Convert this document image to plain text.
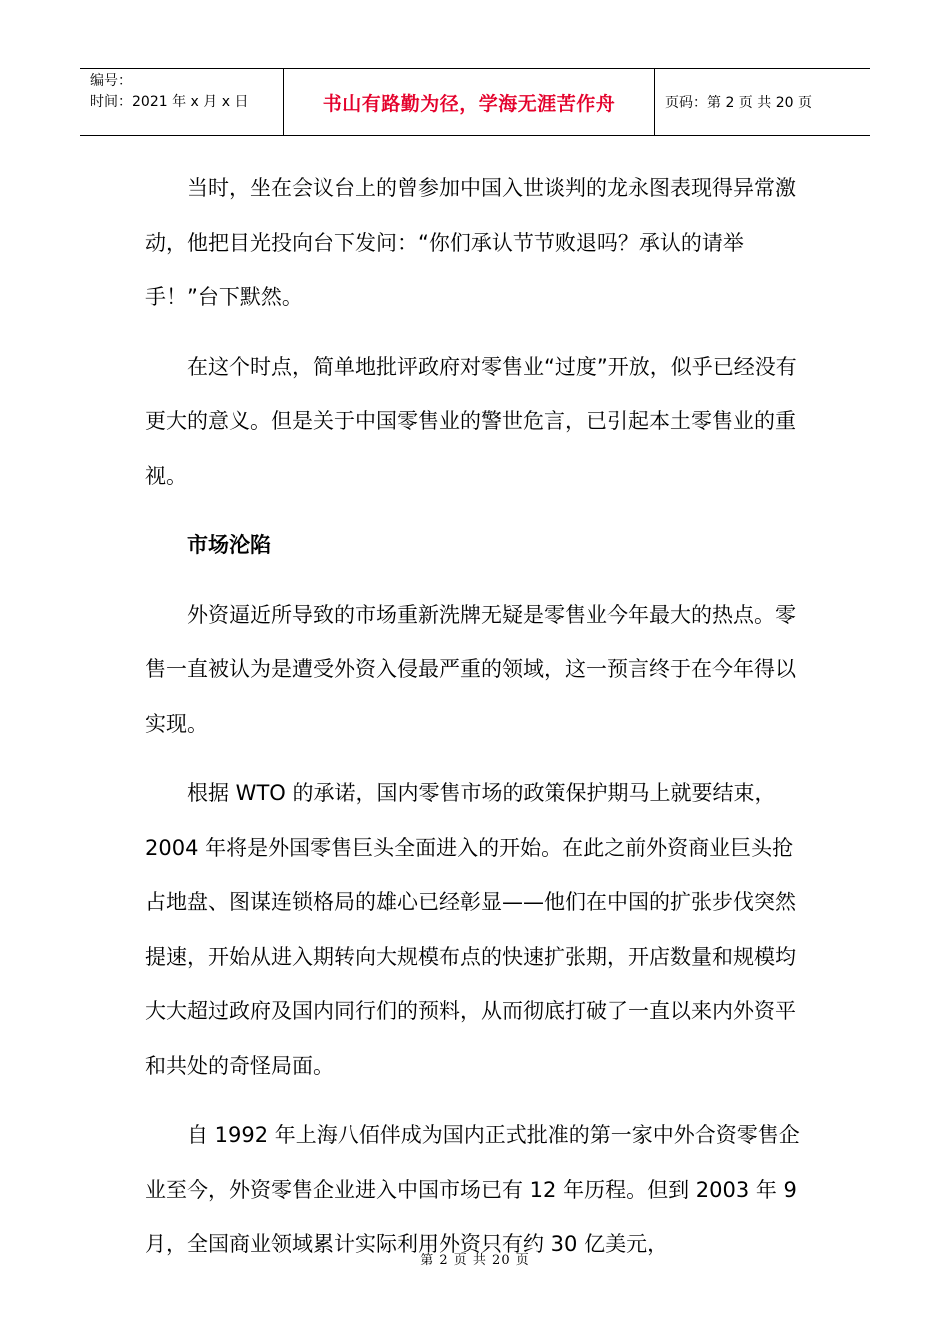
编号：
时间：2021 年 x 月 x 日	书山有路勤为径，学海无涯苦作舟	页码：第 2 页 共 20 页

当时，坐在会议台上的曾参加中国入世谈判的龙永图表现得异常激动，他把目光投向台下发问：“你们承认节节败退吗？承认的请举手！”台下默然。

在这个时点，简单地批评政府对零售业“过度”开放，似乎已经没有更大的意义。但是关于中国零售业的警世危言，已引起本土零售业的重视。

市场沦陷

外资逼近所导致的市场重新洗牌无疑是零售业今年最大的热点。零售一直被认为是遭受外资入侵最严重的领域，这一预言终于在今年得以实现。

根据 WTO 的承诺，国内零售市场的政策保护期马上就要结束，2004 年将是外国零售巨头全面进入的开始。在此之前外资商业巨头抢占地盘、图谋连锁格局的雄心已经彰显——他们在中国的扩张步伐突然提速，开始从进入期转向大规模布点的快速扩张期，开店数量和规模均大大超过政府及国内同行们的预料，从而彻底打破了一直以来内外资平和共处的奇怪局面。

自 1992 年上海八佰伴成为国内正式批准的第一家中外合资零售企业至今，外资零售企业进入中国市场已有 12 年历程。但到 2003 年 9 月，全国商业领域累计实际利用外资只有约 30 亿美元，

第 2 页 共 20 页
